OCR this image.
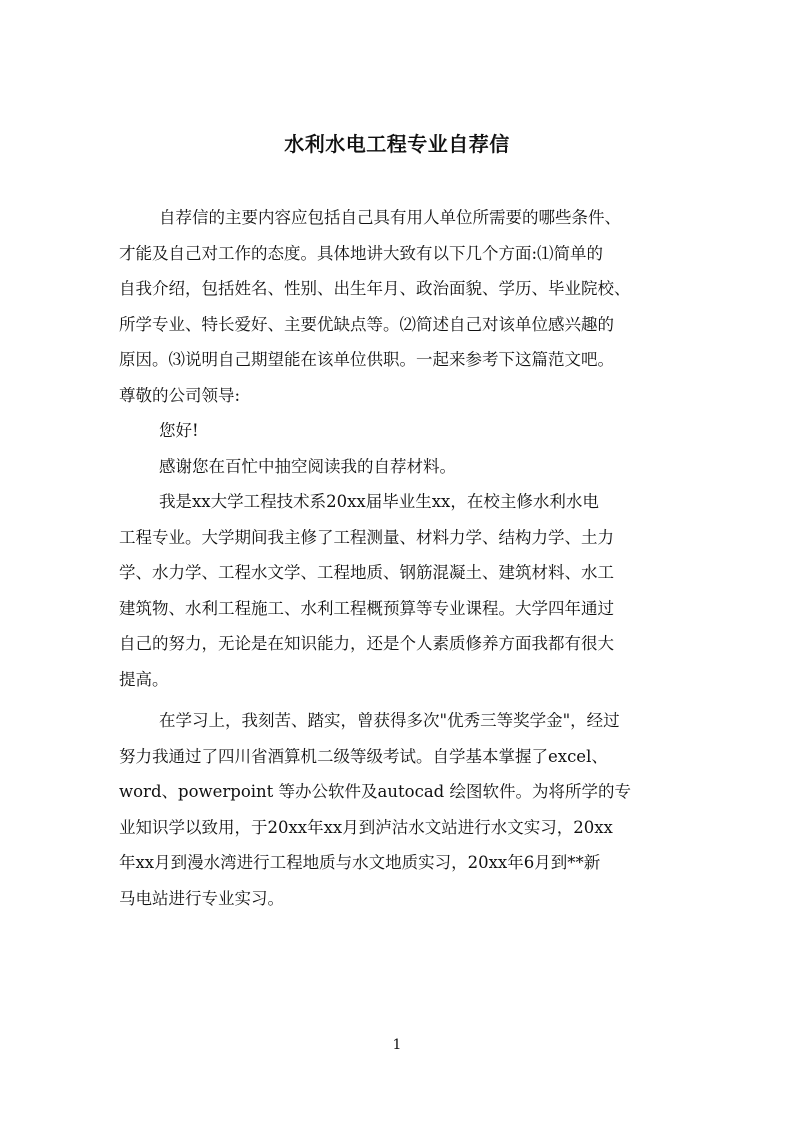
水利水电工程专业自荐信
自荐信的主要内容应包括自己具有用人单位所需要的哪些条件、
才能及自己对工作的态度。具体地讲大致有以下几个方面:⑴简单的
自我介绍，包括姓名、性别、出生年月、政治面貌、学历、毕业院校、
所学专业、特长爱好、主要优缺点等。⑵简述自己对该单位感兴趣的
原因。⑶说明自己期望能在该单位供职。一起来参考下这篇范文吧。
尊敬的公司领导:
您好!
感谢您在百忙中抽空阅读我的自荐材料。
我是xx大学工程技术系20xx届毕业生xx，在校主修水利水电
工程专业。大学期间我主修了工程测量、材料力学、结构力学、土力
学、水力学、工程水文学、工程地质、钢筋混凝土、建筑材料、水工
建筑物、水利工程施工、水利工程概预算等专业课程。大学四年通过
自己的努力，无论是在知识能力，还是个人素质修养方面我都有很大
提高。
在学习上，我刻苦、踏实，曾获得多次"优秀三等奖学金"，经过
努力我通过了四川省酒算机二级等级考试。自学基本掌握了excel、
word、powerpoint 等办公软件及autocad 绘图软件。为将所学的专
业知识学以致用，于20xx年xx月到泸沽水文站进行水文实习，20xx
年xx月到漫水湾进行工程地质与水文地质实习，20xx年6月到**新
马电站进行专业实习。
1
